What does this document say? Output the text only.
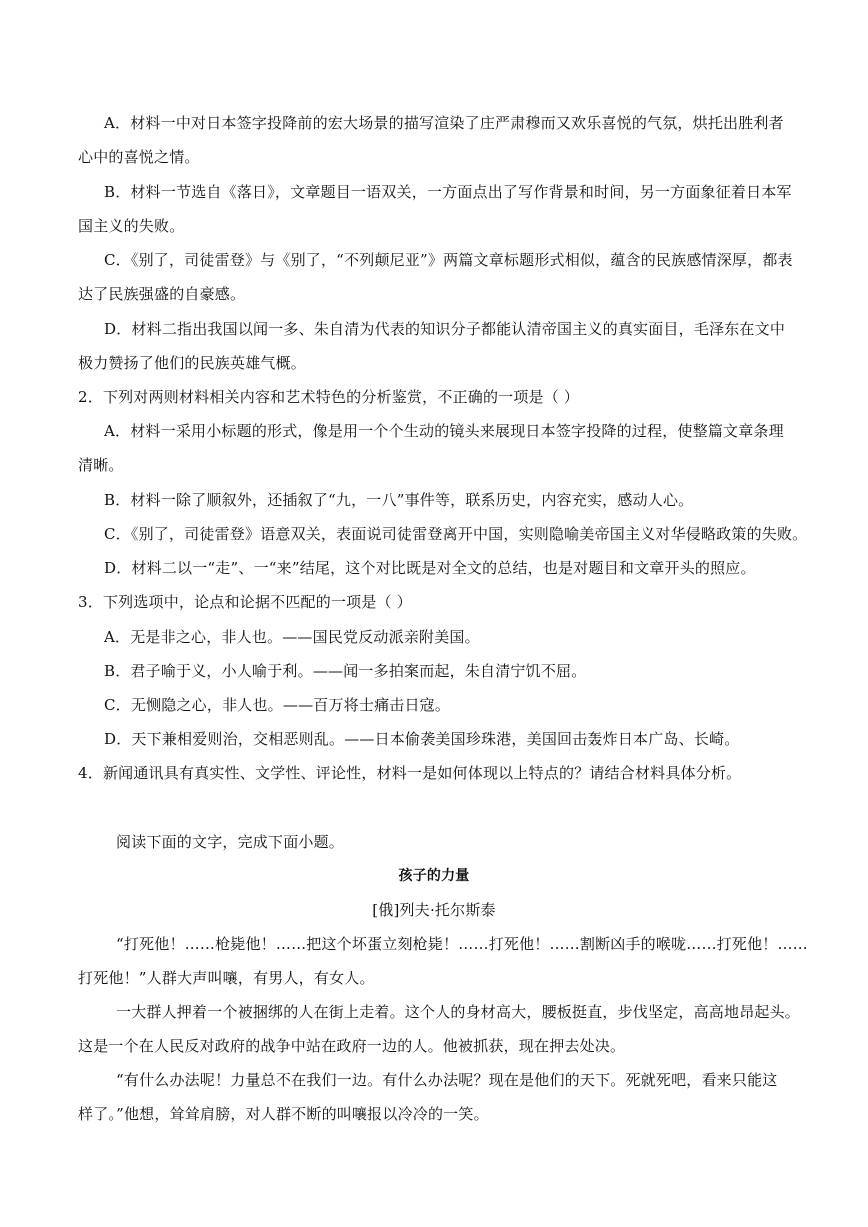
A．材料一中对日本签字投降前的宏大场景的描写渲染了庄严肃穆而又欢乐喜悦的气氛，烘托出胜利者
心中的喜悦之情。
B．材料一节选自《落日》，文章题目一语双关，一方面点出了写作背景和时间，另一方面象征着日本军
国主义的失败。
C．《别了，司徒雷登》与《别了，“不列颠尼亚”》两篇文章标题形式相似，蕴含的民族感情深厚，都表
达了民族强盛的自豪感。
D．材料二指出我国以闻一多、朱自清为代表的知识分子都能认清帝国主义的真实面目，毛泽东在文中
极力赞扬了他们的民族英雄气概。
2．下列对两则材料相关内容和艺术特色的分析鉴赏，不正确的一项是（ ）
A．材料一采用小标题的形式，像是用一个个生动的镜头来展现日本签字投降的过程，使整篇文章条理
清晰。
B．材料一除了顺叙外，还插叙了“九，一八”事件等，联系历史，内容充实，感动人心。
C．《别了，司徒雷登》语意双关，表面说司徒雷登离开中国，实则隐喻美帝国主义对华侵略政策的失败。
D．材料二以一“走”、一“来”结尾，这个对比既是对全文的总结，也是对题目和文章开头的照应。
3．下列选项中，论点和论据不匹配的一项是（ ）
A．无是非之心，非人也。——国民党反动派亲附美国。
B．君子喻于义，小人喻于利。——闻一多拍案而起，朱自清宁饥不屈。
C．无恻隐之心，非人也。——百万将士痛击日寇。
D．天下兼相爱则治，交相恶则乱。——日本偷袭美国珍珠港，美国回击轰炸日本广岛、长崎。
4．新闻通讯具有真实性、文学性、评论性，材料一是如何体现以上特点的？请结合材料具体分析。
阅读下面的文字，完成下面小题。
孩子的力量
[俄]列夫·托尔斯泰
“打死他！……枪毙他！……把这个坏蛋立刻枪毙！……打死他！……割断凶手的喉咙……打死他！……
打死他！”人群大声叫嚷，有男人，有女人。
一大群人押着一个被捆绑的人在街上走着。这个人的身材高大，腰板挺直，步伐坚定，高高地昂起头。
这是一个在人民反对政府的战争中站在政府一边的人。他被抓获，现在押去处决。
“有什么办法呢！力量总不在我们一边。有什么办法呢？现在是他们的天下。死就死吧，看来只能这
样了。”他想，耸耸肩膀，对人群不断的叫嚷报以冷冷的一笑。
